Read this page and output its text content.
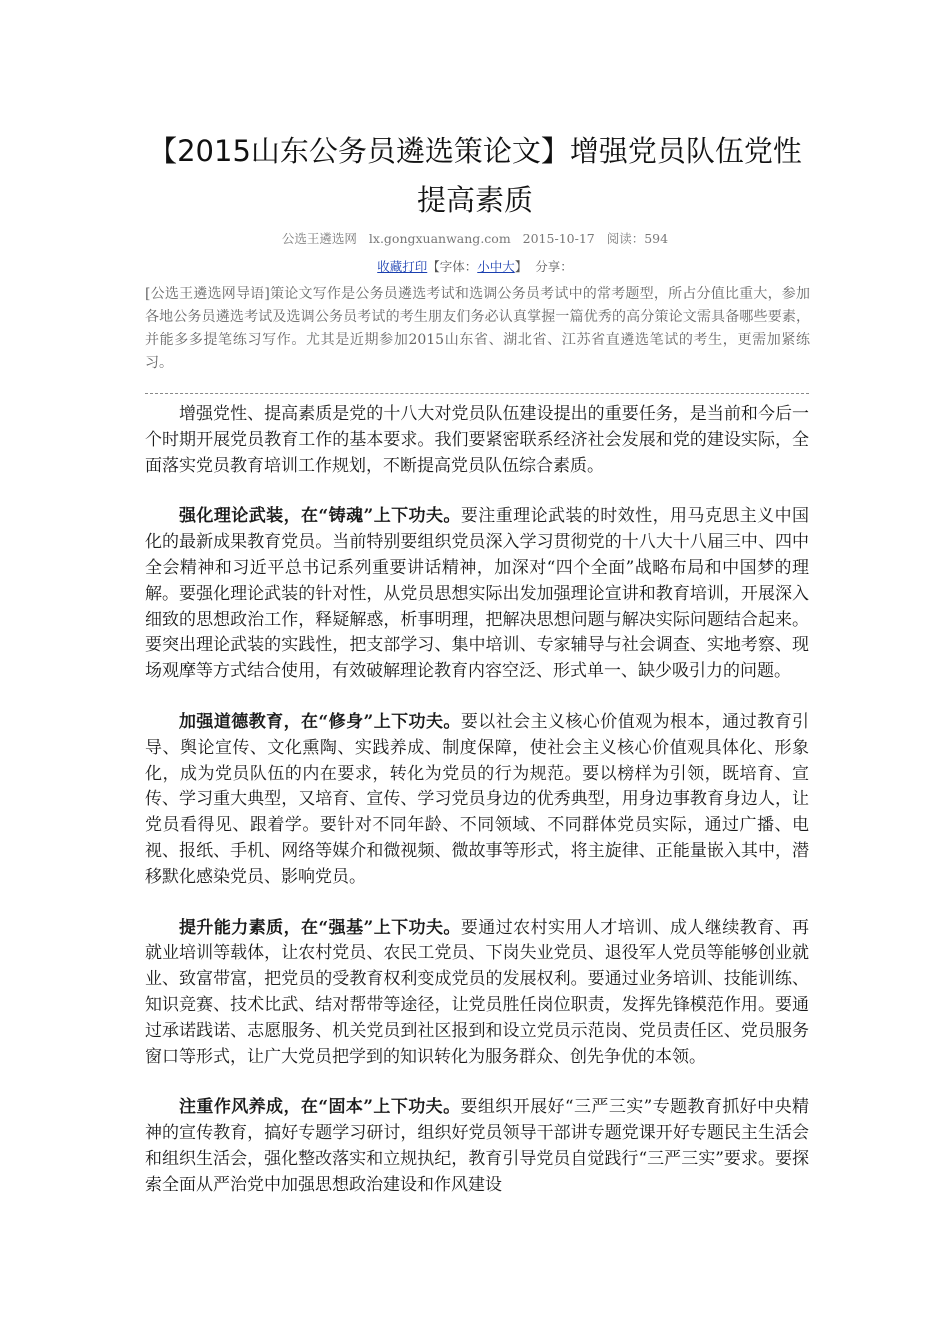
【2015山东公务员遴选策论文】增强党员队伍党性提高素质
公选王遴选网 lx.gongxuanwang.com 2015-10-17 阅读：594
收藏打印【字体：小中大】 分享：

[公选王遴选网导语]策论文写作是公务员遴选考试和选调公务员考试中的常考题型，所占分值比重大，参加各地公务员遴选考试及选调公务员考试的考生朋友们务必认真掌握一篇优秀的高分策论文需具备哪些要素，并能多多提笔练习写作。尤其是近期参加2015山东省、湖北省、江苏省直遴选笔试的考生，更需加紧练习。

增强党性、提高素质是党的十八大对党员队伍建设提出的重要任务，是当前和今后一个时期开展党员教育工作的基本要求。我们要紧密联系经济社会发展和党的建设实际，全面落实党员教育培训工作规划，不断提高党员队伍综合素质。

强化理论武装，在“铸魂”上下功夫。要注重理论武装的时效性，用马克思主义中国化的最新成果教育党员。当前特别要组织党员深入学习贯彻党的十八大十八届三中、四中全会精神和习近平总书记系列重要讲话精神，加深对“四个全面”战略布局和中国梦的理解。要强化理论武装的针对性，从党员思想实际出发加强理论宣讲和教育培训，开展深入细致的思想政治工作，释疑解惑，析事明理，把解决思想问题与解决实际问题结合起来。要突出理论武装的实践性，把支部学习、集中培训、专家辅导与社会调查、实地考察、现场观摩等方式结合使用，有效破解理论教育内容空泛、形式单一、缺少吸引力的问题。

加强道德教育，在“修身”上下功夫。要以社会主义核心价值观为根本，通过教育引导、舆论宣传、文化熏陶、实践养成、制度保障，使社会主义核心价值观具体化、形象化，成为党员队伍的内在要求，转化为党员的行为规范。要以榜样为引领，既培育、宣传、学习重大典型，又培育、宣传、学习党员身边的优秀典型，用身边事教育身边人，让党员看得见、跟着学。要针对不同年龄、不同领域、不同群体党员实际，通过广播、电视、报纸、手机、网络等媒介和微视频、微故事等形式，将主旋律、正能量嵌入其中，潜移默化感染党员、影响党员。

提升能力素质，在“强基”上下功夫。要通过农村实用人才培训、成人继续教育、再就业培训等载体，让农村党员、农民工党员、下岗失业党员、退役军人党员等能够创业就业、致富带富，把党员的受教育权利变成党员的发展权利。要通过业务培训、技能训练、知识竞赛、技术比武、结对帮带等途径，让党员胜任岗位职责，发挥先锋模范作用。要通过承诺践诺、志愿服务、机关党员到社区报到和设立党员示范岗、党员责任区、党员服务窗口等形式，让广大党员把学到的知识转化为服务群众、创先争优的本领。

注重作风养成，在“固本”上下功夫。要组织开展好“三严三实”专题教育抓好中央精神的宣传教育，搞好专题学习研讨，组织好党员领导干部讲专题党课开好专题民主生活会和组织生活会，强化整改落实和立规执纪，教育引导党员自觉践行“三严三实”要求。要探索全面从严治党中加强思想政治建设和作风建设
